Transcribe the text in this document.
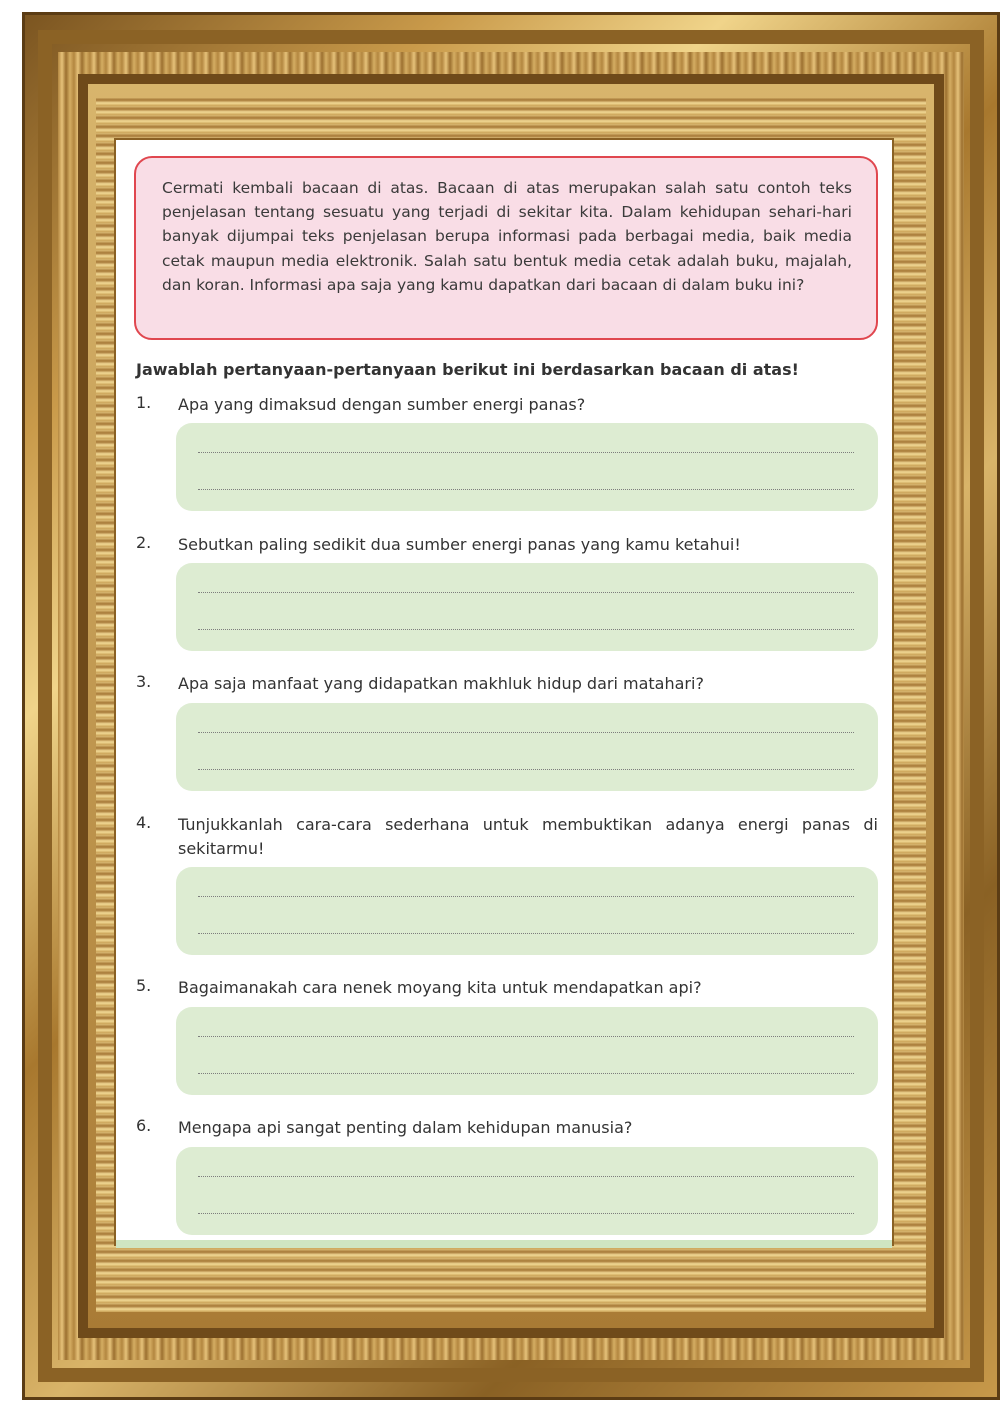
Cermati kembali bacaan di atas. Bacaan di atas merupakan salah satu contoh teks penjelasan tentang sesuatu yang terjadi di sekitar kita. Dalam kehidupan sehari-hari banyak dijumpai teks penjelasan berupa informasi pada berbagai media, baik media cetak maupun media elektronik. Salah satu bentuk media cetak adalah buku, majalah, dan koran. Informasi apa saja yang kamu dapatkan dari bacaan di dalam buku ini?

Jawablah pertanyaan-pertanyaan berikut ini berdasarkan bacaan di atas!

1. Apa yang dimaksud dengan sumber energi panas?
2. Sebutkan paling sedikit dua sumber energi panas yang kamu ketahui!
3. Apa saja manfaat yang didapatkan makhluk hidup dari matahari?
4. Tunjukkanlah cara-cara sederhana untuk membuktikan adanya energi panas di sekitarmu!
5. Bagaimanakah cara nenek moyang kita untuk mendapatkan api?
6. Mengapa api sangat penting dalam kehidupan manusia?
